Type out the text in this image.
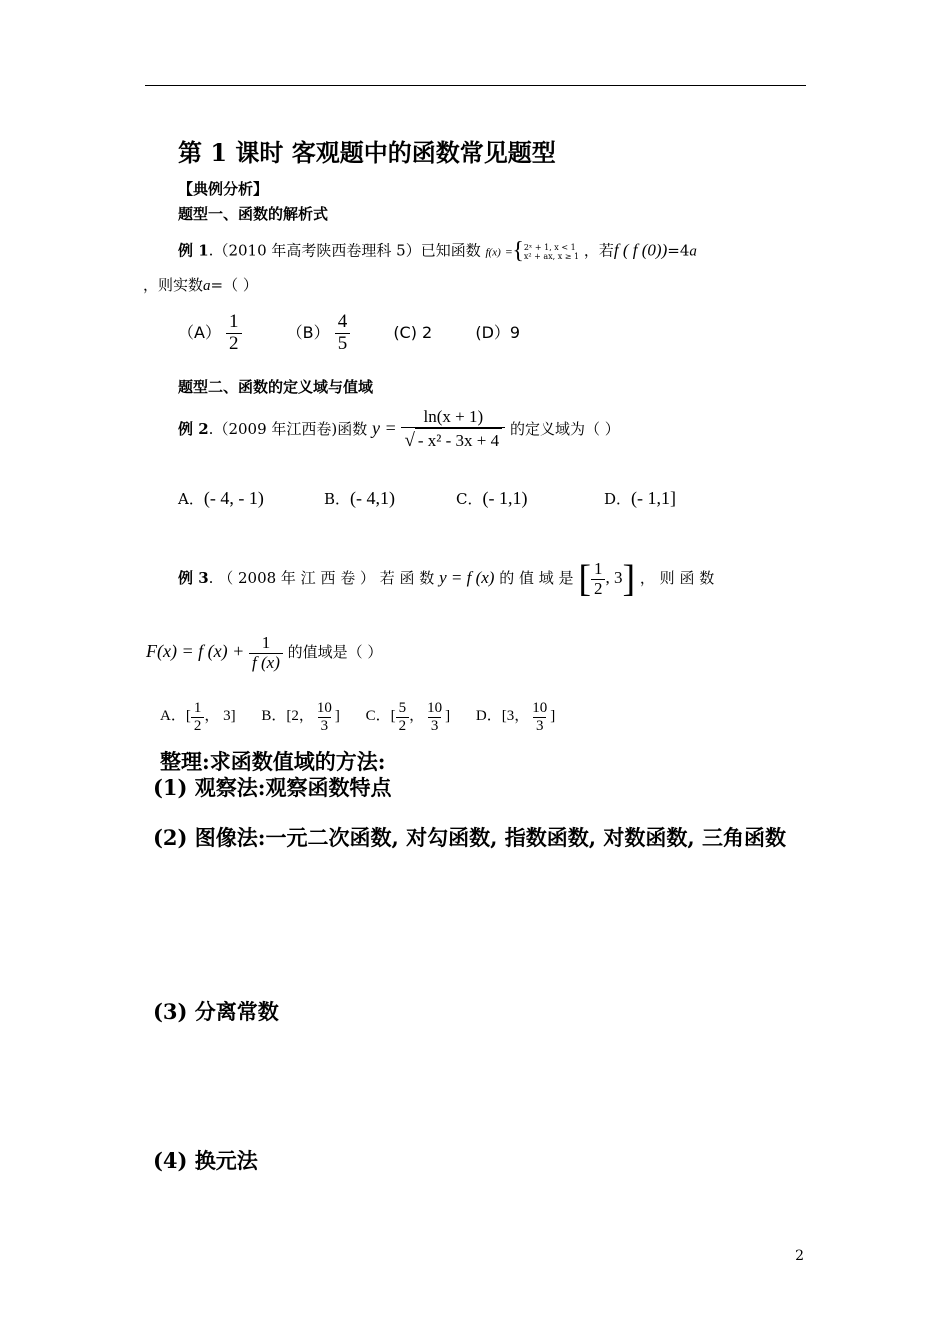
第 1 课时 客观题中的函数常见题型
【典例分析】
题型一、函数的解析式
例 1.（2010 年高考陕西卷理科 5）已知函数 f(x) ={ 2ˣ + 1, x < 1
x² + ax, x ≥ 1 ，若f ( f (0))=4a
，则实数a=（ ）
$(A) \frac{1}{2}$	$(B) \frac{4}{5}$	(C) 2	(D）9
题型二、函数的定义域与值域
例 2.（2009 年江西卷)函数 $y = \frac{\ln(x + 1)}{\text{√ - x² - 3x + 4}}$ 的定义域为（ ）
A．(- 4, - 1)	B．(- 4,1)	C．(- 1,1)	D．(- 1,1]
例 3. （ 2008 年 江 西 卷 ） 若 函 数 y = f (x) 的 值 域 是 [ $\frac{1}{2}$ , 3] ， 则 函 数
F(x) = f $(x) + \frac{1}{f (x)}$ 的值域是（ ）
A．[ $\frac{1}{2}$ ， 3] B．[2， $\frac{10}{3}$ ] C．[ $\frac{5}{2}$ ， $\frac{10}{3}$ ] D．[3， $\frac{10}{3}$ ]
整理:求函数值域的方法:
(1) 观察法:观察函数特点
(2) 图像法:一元二次函数, 对勾函数, 指数函数, 对数函数, 三角函数
(3) 分离常数
(4) 换元法
2
